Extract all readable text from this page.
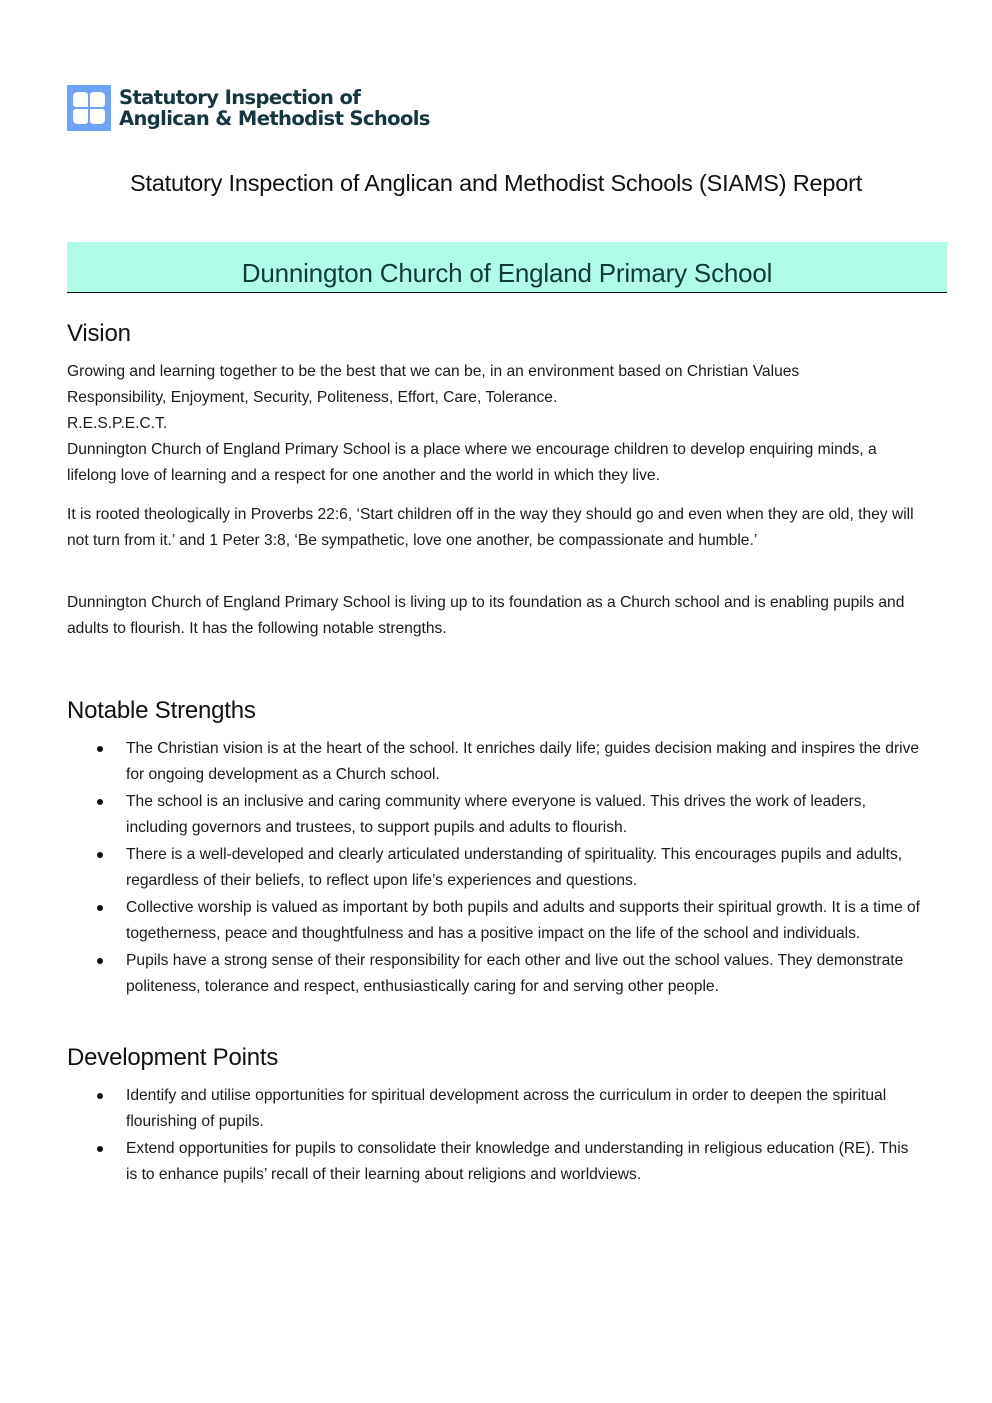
Statutory Inspection of
Anglican & Methodist Schools
Statutory Inspection of Anglican and Methodist Schools (SIAMS) Report
Dunnington Church of England Primary School
Vision

Growing and learning together to be the best that we can be, in an environment based on Christian Values

Responsibility, Enjoyment, Security, Politeness, Effort, Care, Tolerance.

R.E.S.P.E.C.T.

Dunnington Church of England Primary School is a place where we encourage children to develop enquiring minds, a lifelong love of learning and a respect for one another and the world in which they live.

It is rooted theologically in Proverbs 22:6, ‘Start children off in the way they should go and even when they are old, they will not turn from it.’ and 1 Peter 3:8, ‘Be sympathetic, love one another, be compassionate and humble.’

Dunnington Church of England Primary School is living up to its foundation as a Church school and is enabling pupils and adults to flourish. It has the following notable strengths.

Notable Strengths
The Christian vision is at the heart of the school. It enriches daily life; guides decision making and inspires the drive for ongoing development as a Church school.
The school is an inclusive and caring community where everyone is valued. This drives the work of leaders, including governors and trustees, to support pupils and adults to flourish.
There is a well-developed and clearly articulated understanding of spirituality. This encourages pupils and adults, regardless of their beliefs, to reflect upon life’s experiences and questions.
Collective worship is valued as important by both pupils and adults and supports their spiritual growth. It is a time of togetherness, peace and thoughtfulness and has a positive impact on the life of the school and individuals.
Pupils have a strong sense of their responsibility for each other and live out the school values. They demonstrate politeness, tolerance and respect, enthusiastically caring for and serving other people.
Development Points
Identify and utilise opportunities for spiritual development across the curriculum in order to deepen the spiritual flourishing of pupils.
Extend opportunities for pupils to consolidate their knowledge and understanding in religious education (RE). This is to enhance pupils’ recall of their learning about religions and worldviews.
